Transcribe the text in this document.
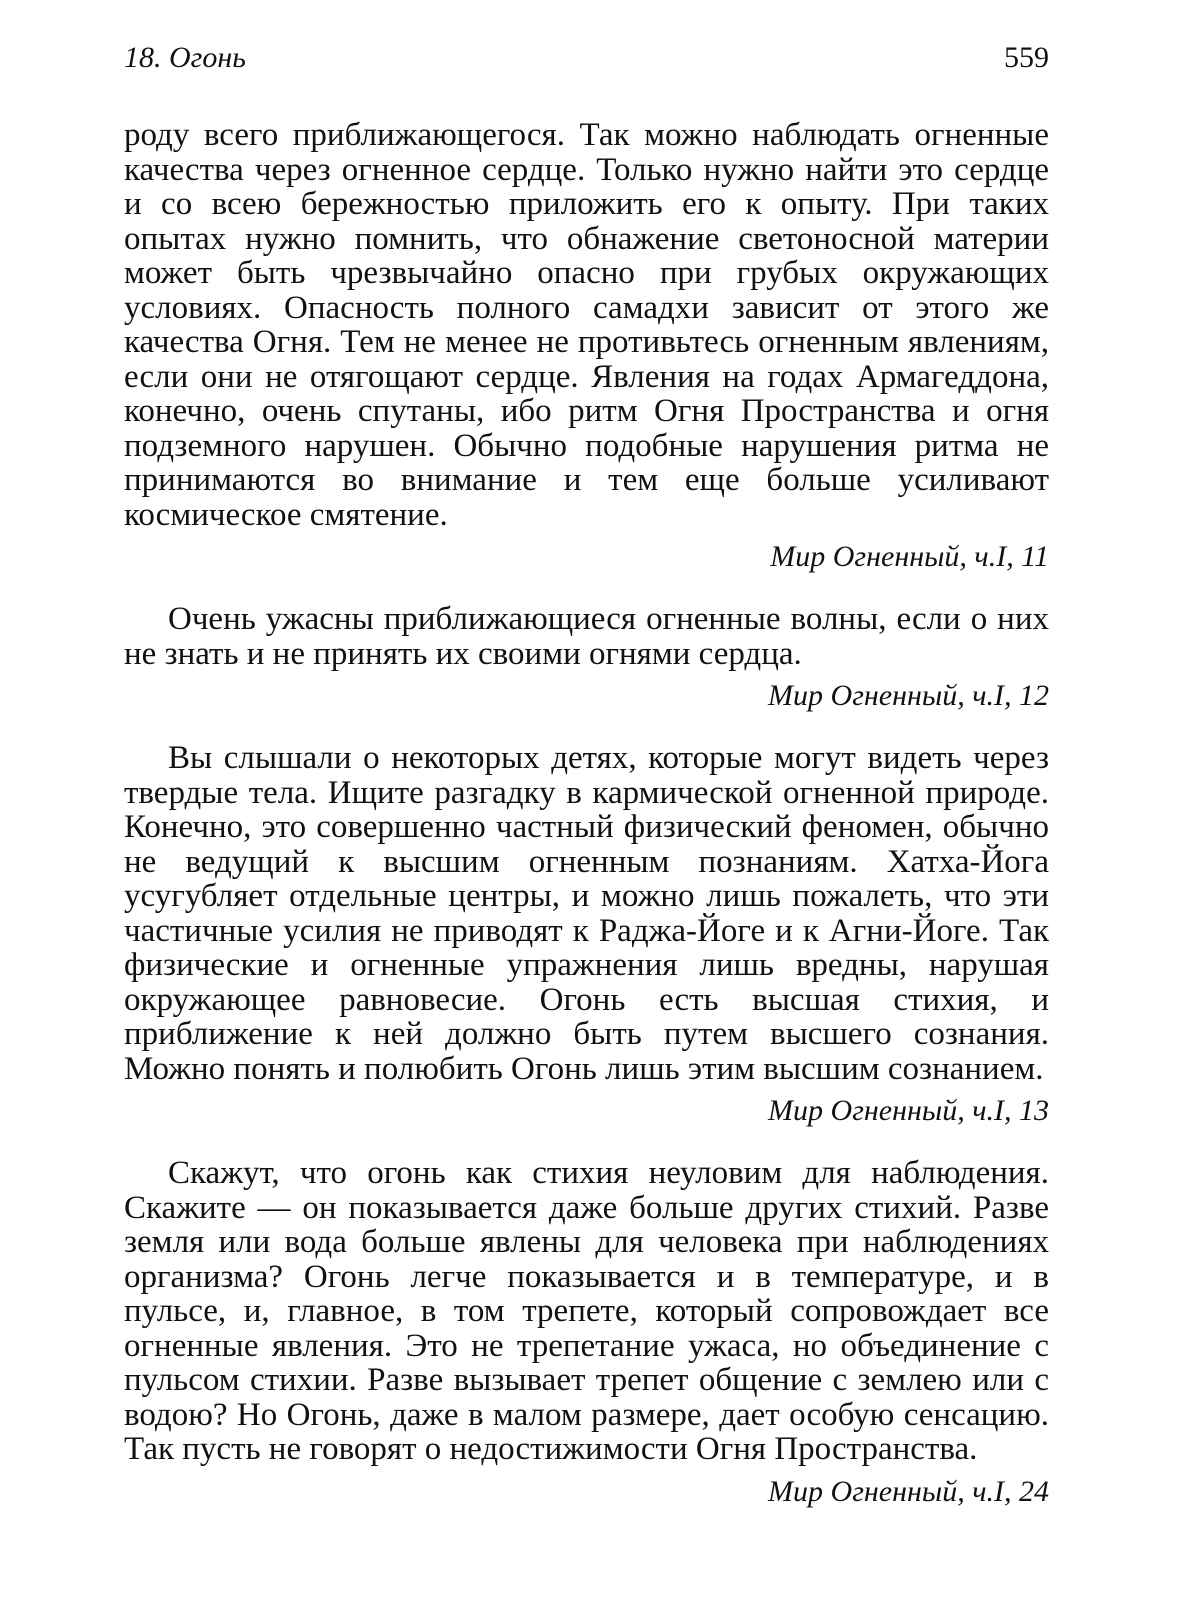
18. Огонь	559

роду всего приближающегося. Так можно наблюдать огненные качества через огненное сердце. Только нужно найти это сердце и со всею бережностью приложить его к опыту. При таких опытах нужно помнить, что обнажение светоносной материи может быть чрезвычайно опасно при грубых окружающих условиях. Опасность полного самадхи зависит от этого же качества Огня. Тем не менее не противьтесь огненным явлениям, если они не отягощают сердце. Явления на годах Армагеддона, конечно, очень спутаны, ибо ритм Огня Пространства и огня подземного нарушен. Обычно подобные нарушения ритма не принимаются во внимание и тем еще больше усиливают космическое смятение.

Мир Огненный, ч.I, 11

Очень ужасны приближающиеся огненные волны, если о них не знать и не принять их своими огнями сердца.

Мир Огненный, ч.I, 12

Вы слышали о некоторых детях, которые могут видеть через твердые тела. Ищите разгадку в кармической огненной природе. Конечно, это совершенно частный физический феномен, обычно не ведущий к высшим огненным познаниям. Хатха-Йога усугубляет отдельные центры, и можно лишь пожалеть, что эти частичные усилия не приводят к Раджа-Йоге и к Агни-Йоге. Так физические и огненные упражнения лишь вредны, нарушая окружающее равновесие. Огонь есть высшая стихия, и приближение к ней должно быть путем высшего сознания. Можно понять и полюбить Огонь лишь этим высшим сознанием.

Мир Огненный, ч.I, 13

Скажут, что огонь как стихия неуловим для наблюдения. Скажите — он показывается даже больше других стихий. Разве земля или вода больше явлены для человека при наблюдениях организма? Огонь легче показывается и в температуре, и в пульсе, и, главное, в том трепете, который сопровождает все огненные явления. Это не трепетание ужаса, но объединение с пульсом стихии. Разве вызывает трепет общение с землею или с водою? Но Огонь, даже в малом размере, дает особую сенсацию. Так пусть не говорят о недостижимости Огня Пространства.

Мир Огненный, ч.I, 24
